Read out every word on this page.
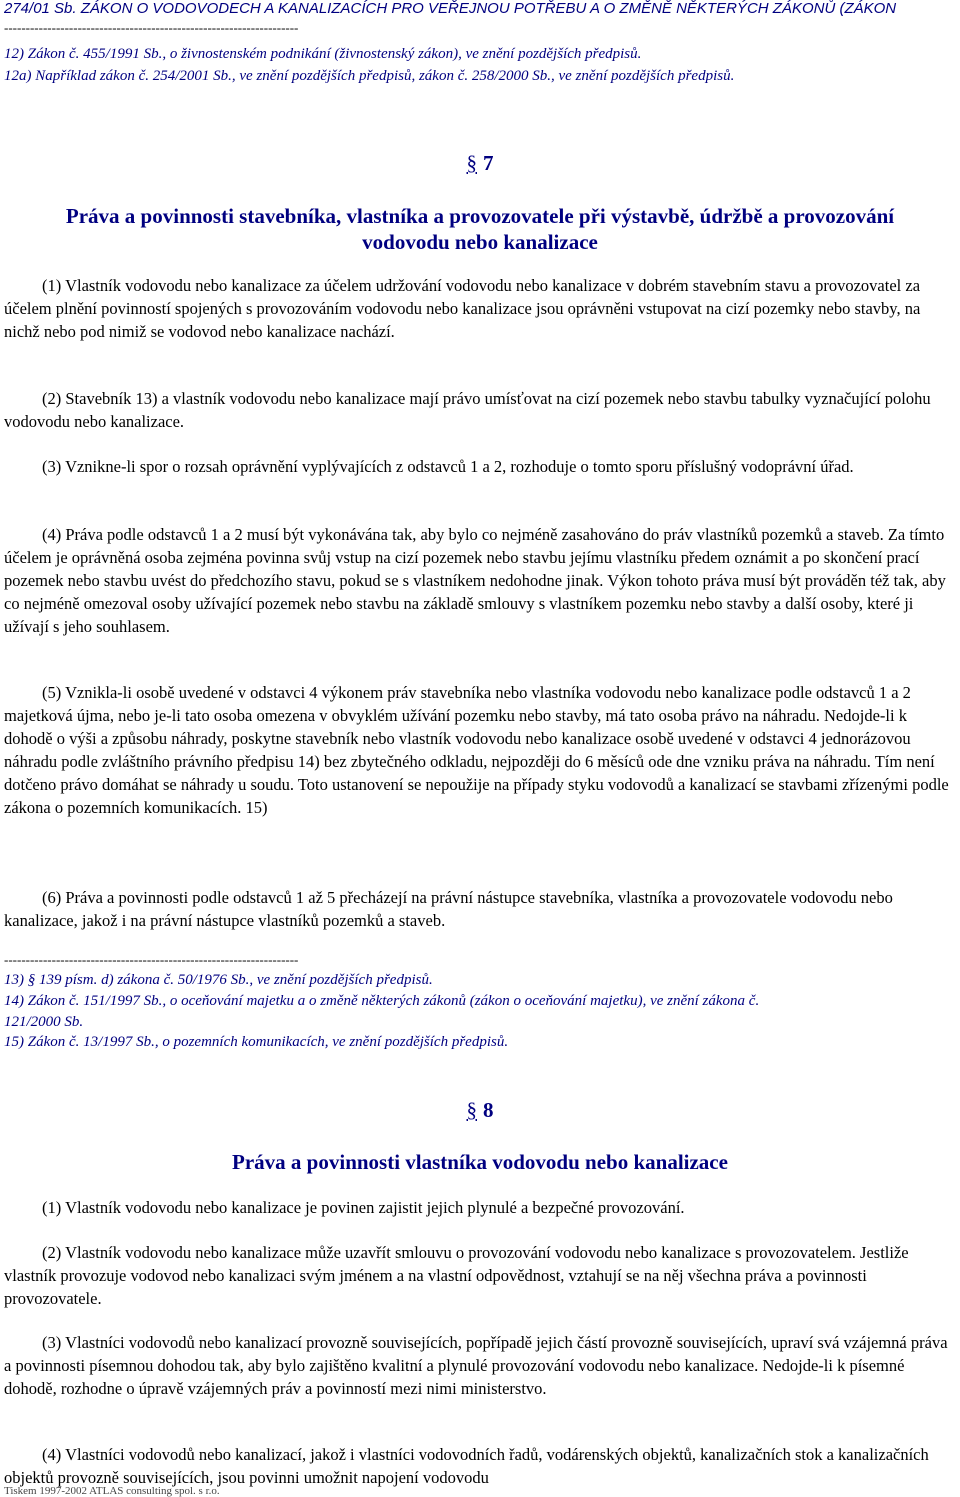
274/01 Sb. ZÁKON O VODOVODECH A KANALIZACÍCH PRO VEŘEJNOU POTŘEBU A O ZMĚNĚ NĚKTERÝCH ZÁKONŮ (ZÁKON
--------------------------------------------------------------------
12) Zákon č. 455/1991 Sb., o živnostenském podnikání (živnostenský zákon), ve znění pozdějších předpisů.
12a) Například zákon č. 254/2001 Sb., ve znění pozdějších předpisů, zákon č. 258/2000 Sb., ve znění pozdějších předpisů.
§ 7
Práva a povinnosti stavebníka, vlastníka a provozovatele při výstavbě, údržbě a provozování vodovodu nebo kanalizace
(1) Vlastník vodovodu nebo kanalizace za účelem udržování vodovodu nebo kanalizace v dobrém stavebním stavu a provozovatel za účelem plnění povinností spojených s provozováním vodovodu nebo kanalizace jsou oprávněni vstupovat na cizí pozemky nebo stavby, na nichž nebo pod nimiž se vodovod nebo kanalizace nachází.
(2) Stavebník 13) a vlastník vodovodu nebo kanalizace mají právo umísťovat na cizí pozemek nebo stavbu tabulky vyznačující polohu vodovodu nebo kanalizace.
(3) Vznikne-li spor o rozsah oprávnění vyplývajících z odstavců 1 a 2, rozhoduje o tomto sporu příslušný vodoprávní úřad.
(4) Práva podle odstavců 1 a 2 musí být vykonávána tak, aby bylo co nejméně zasahováno do práv vlastníků pozemků a staveb. Za tímto účelem je oprávněná osoba zejména povinna svůj vstup na cizí pozemek nebo stavbu jejímu vlastníku předem oznámit a po skončení prací pozemek nebo stavbu uvést do předchozího stavu, pokud se s vlastníkem nedohodne jinak. Výkon tohoto práva musí být prováděn též tak, aby co nejméně omezoval osoby užívající pozemek nebo stavbu na základě smlouvy s vlastníkem pozemku nebo stavby a další osoby, které ji užívají s jeho souhlasem.
(5) Vznikla-li osobě uvedené v odstavci 4 výkonem práv stavebníka nebo vlastníka vodovodu nebo kanalizace podle odstavců 1 a 2 majetková újma, nebo je-li tato osoba omezena v obvyklém užívání pozemku nebo stavby, má tato osoba právo na náhradu. Nedojde-li k dohodě o výši a způsobu náhrady, poskytne stavebník nebo vlastník vodovodu nebo kanalizace osobě uvedené v odstavci 4 jednorázovou náhradu podle zvláštního právního předpisu 14) bez zbytečného odkladu, nejpozději do 6 měsíců ode dne vzniku práva na náhradu. Tím není dotčeno právo domáhat se náhrady u soudu. Toto ustanovení se nepoužije na případy styku vodovodů a kanalizací se stavbami zřízenými podle zákona o pozemních komunikacích. 15)
(6) Práva a povinnosti podle odstavců 1 až 5 přecházejí na právní nástupce stavebníka, vlastníka a provozovatele vodovodu nebo kanalizace, jakož i na právní nástupce vlastníků pozemků a staveb.
--------------------------------------------------------------------
13) § 139 písm. d) zákona č. 50/1976 Sb., ve znění pozdějších předpisů.
14) Zákon č. 151/1997 Sb., o oceňování majetku a o změně některých zákonů (zákon o oceňování majetku), ve znění zákona č. 121/2000 Sb.
15) Zákon č. 13/1997 Sb., o pozemních komunikacích, ve znění pozdějších předpisů.
§ 8
Práva a povinnosti vlastníka vodovodu nebo kanalizace
(1) Vlastník vodovodu nebo kanalizace je povinen zajistit jejich plynulé a bezpečné provozování.
(2) Vlastník vodovodu nebo kanalizace může uzavřít smlouvu o provozování vodovodu nebo kanalizace s provozovatelem. Jestliže vlastník provozuje vodovod nebo kanalizaci svým jménem a na vlastní odpovědnost, vztahují se na něj všechna práva a povinnosti provozovatele.
(3) Vlastníci vodovodů nebo kanalizací provozně souvisejících, popřípadě jejich částí provozně souvisejících, upraví svá vzájemná práva a povinnosti písemnou dohodou tak, aby bylo zajištěno kvalitní a plynulé provozování vodovodu nebo kanalizace. Nedojde-li k písemné dohodě, rozhodne o úpravě vzájemných práv a povinností mezi nimi ministerstvo.
(4) Vlastníci vodovodů nebo kanalizací, jakož i vlastníci vodovodních řadů, vodárenských objektů, kanalizačních stok a kanalizačních objektů provozně souvisejících, jsou povinni umožnit napojení vodovodu
Tiskem 1997-2002 ATLAS consulting spol. s r.o.
